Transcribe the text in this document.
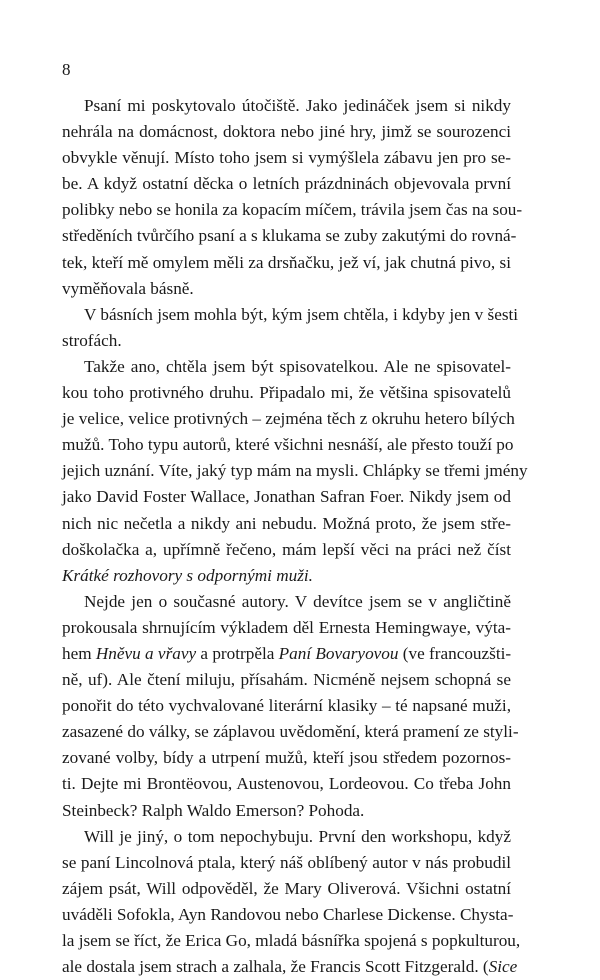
8

Psaní mi poskytovalo útočiště. Jako jedináček jsem si nikdy
nehrála na domácnost, doktora nebo jiné hry, jimž se sourozenci
obvykle věnují. Místo toho jsem si vymýšlela zábavu jen pro se-
be. A když ostatní děcka o letních prázdninách objevovala první
polibky nebo se honila za kopacím míčem, trávila jsem čas na sou-
středěních tvůrčího psaní a s klukama se zuby zakutými do rovná-
tek, kteří mě omylem měli za drsňačku, jež ví, jak chutná pivo, si
vyměňovala básně.
V básních jsem mohla být, kým jsem chtěla, i kdyby jen v šesti
strofách.
Takže ano, chtěla jsem být spisovatelkou. Ale ne spisovatel-
kou toho protivného druhu. Připadalo mi, že většina spisovatelů
je velice, velice protivných – zejména těch z okruhu hetero bílých
mužů. Toho typu autorů, které všichni nesnáší, ale přesto touží po
jejich uznání. Víte, jaký typ mám na mysli. Chlápky se třemi jmény
jako David Foster Wallace, Jonathan Safran Foer. Nikdy jsem od
nich nic nečetla a nikdy ani nebudu. Možná proto, že jsem stře-
doškolačka a, upřímně řečeno, mám lepší věci na práci než číst
Krátké rozhovory s odpornými muži.
Nejde jen o současné autory. V devítce jsem se v angličtině
prokousala shrnujícím výkladem děl Ernesta Hemingwaye, výta-
hem Hněvu a vřavy a protrpěla Paní Bovaryovou (ve francouzšti-
ně, uf). Ale čtení miluju, přísahám. Nicméně nejsem schopná se
ponořit do této vychvalované literární klasiky – té napsané muži,
zasazené do války, se záplavou uvědomění, která pramení ze styli-
zované volby, bídy a utrpení mužů, kteří jsou středem pozornos-
ti. Dejte mi Brontëovou, Austenovou, Lordeovou. Co třeba John
Steinbeck? Ralph Waldo Emerson? Pohoda.
Will je jiný, o tom nepochybuju. První den workshopu, když
se paní Lincolnová ptala, který náš oblíbený autor v nás probudil
zájem psát, Will odpověděl, že Mary Oliverová. Všichni ostatní
uváděli Sofokla, Ayn Randovou nebo Charlese Dickense. Chysta-
la jsem se říct, že Erica Go, mladá básnířka spojená s popkulturou,
ale dostala jsem strach a zalhala, že Francis Scott Fitzgerald. (Sice
